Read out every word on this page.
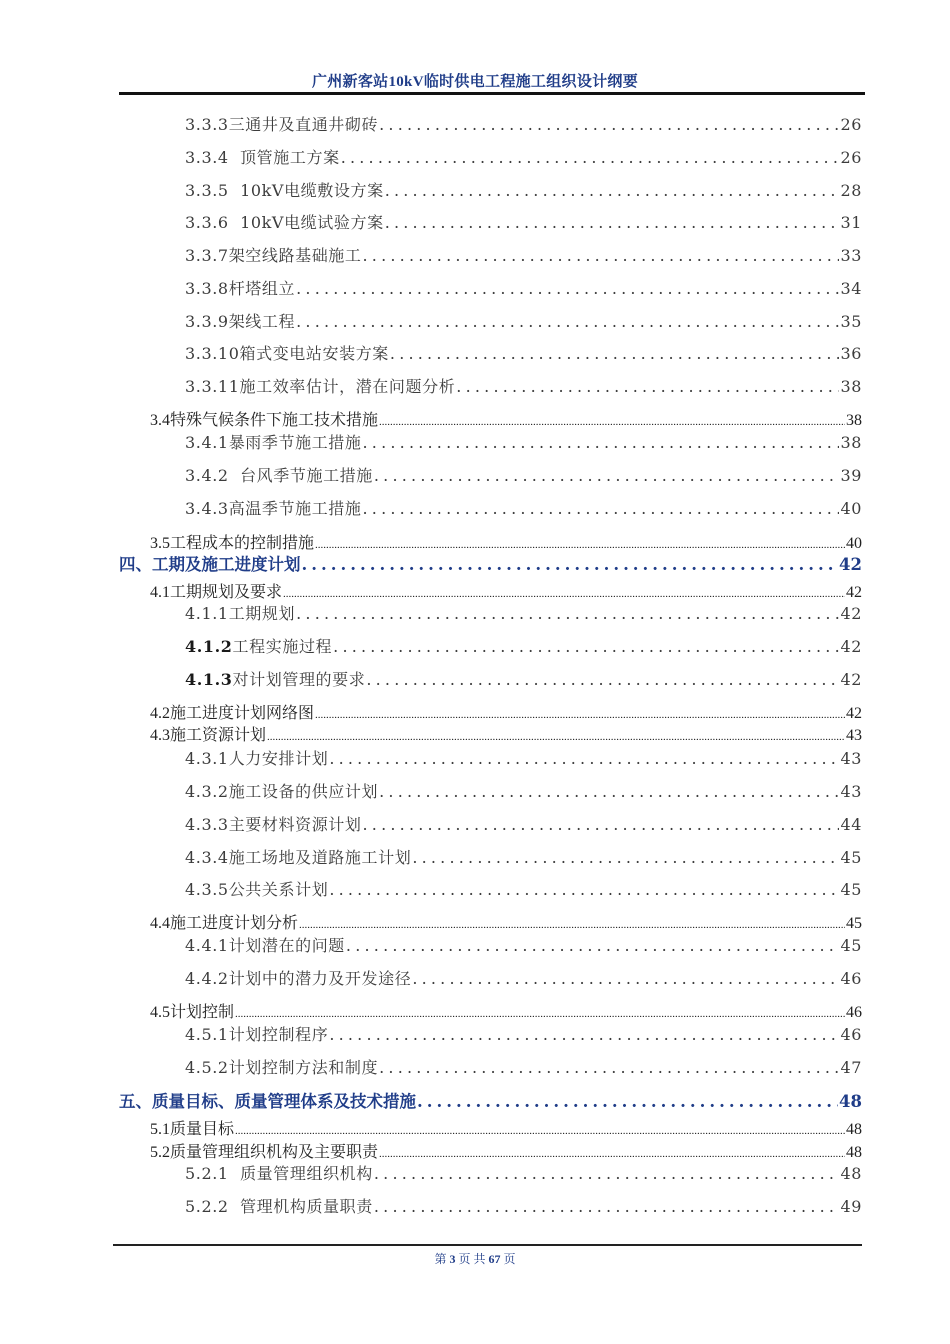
广州新客站10kV临时供电工程施工组织设计纲要
3.3.3三通井及直通井砌砖 .....	26
3.3.4  顶管施工方案 .....	26
3.3.5  10kV电缆敷设方案 .....	28
3.3.6  10kV电缆试验方案 .....	31
3.3.7架空线路基础施工 .....	33
3.3.8杆塔组立 .....	34
3.3.9架线工程 .....	35
3.3.10箱式变电站安装方案 .....	36
3.3.11施工效率估计，潜在问题分析 .....	38
3.4特殊气候条件下施工技术措施 .....	38
3.4.1暴雨季节施工措施 .....	38
3.4.2  台风季节施工措施 .....	39
3.4.3高温季节施工措施 .....	40
3.5工程成本的控制措施 .....	40
四、工期及施工进度计划 .....	42
4.1工期规划及要求 .....	42
4.1.1工期规划 .....	42
4.1.2工程实施过程 .....	42
4.1.3对计划管理的要求 .....	42
4.2施工进度计划网络图 .....	42
4.3施工资源计划 .....	43
4.3.1人力安排计划 .....	43
4.3.2施工设备的供应计划 .....	43
4.3.3主要材料资源计划 .....	44
4.3.4施工场地及道路施工计划 .....	45
4.3.5公共关系计划 .....	45
4.4施工进度计划分析 .....	45
4.4.1计划潜在的问题 .....	45
4.4.2计划中的潜力及开发途径 .....	46
4.5计划控制 .....	46
4.5.1计划控制程序 .....	46
4.5.2计划控制方法和制度 .....	47
五、质量目标、质量管理体系及技术措施 .....	48
5.1质量目标 .....	48
5.2质量管理组织机构及主要职责 .....	48
5.2.1  质量管理组织机构 .....	48
5.2.2  管理机构质量职责 .....	49
第 3 页 共 67 页
